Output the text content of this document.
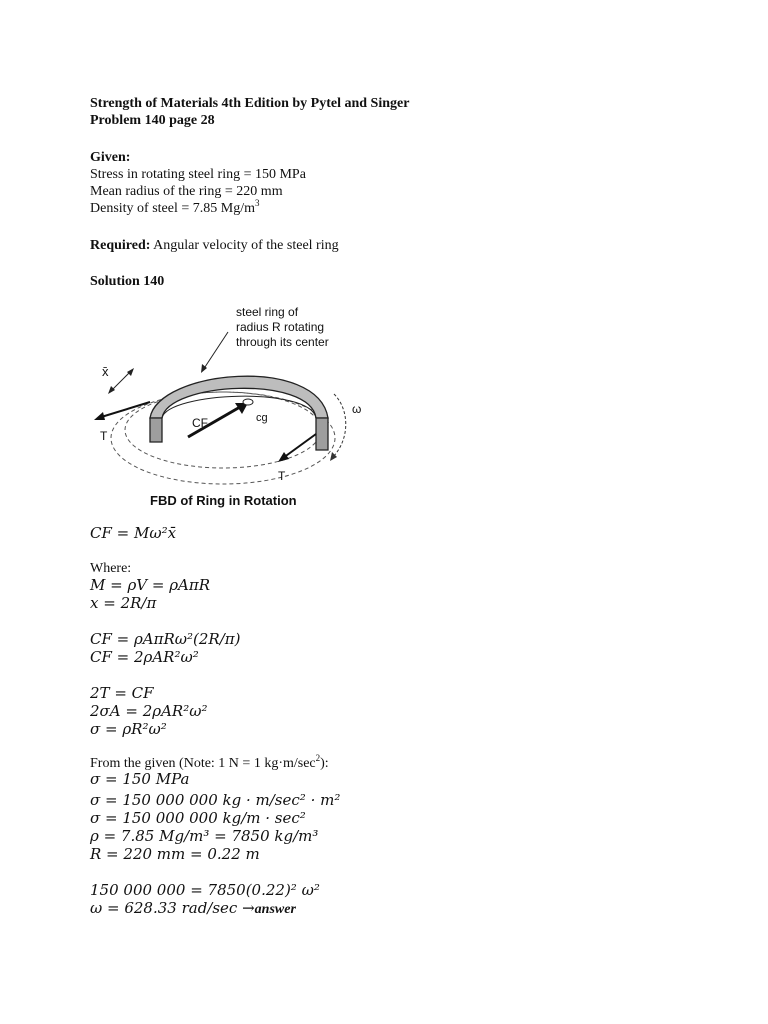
Strength of Materials 4th Edition by Pytel and Singer
Problem 140 page 28
Given:
Stress in rotating steel ring = 150 MPa
Mean radius of the ring = 220 mm
Density of steel = 7.85 $Mg/m^3$
Required: Angular velocity of the steel ring
Solution 140
steel ring of
radius R rotating
through its center
x̄
T
CF	cg
T
ω
FBD of Ring in Rotation
CF = Mω²x̄
Where:
M = ρV = ρAπR
x = 2R/π
CF = ρAπRω²(2R/π)
CF = 2ρAR²ω²
2T = CF
2σA = 2ρAR²ω²
σ = ρR²ω²
From the given (Note: 1 N = 1 $kg\cdot m/\sec^2$):
σ = 150 MPa
σ = 150 000 000 kg · m/sec² · m²
σ = 150 000 000 kg/m · sec²
ρ = 7.85 Mg/m³ = 7850 kg/m³
R = 220 mm = 0.22 m
150 000 000 = 7850(0.22)² ω²
ω = 628.33 rad/sec →answer
